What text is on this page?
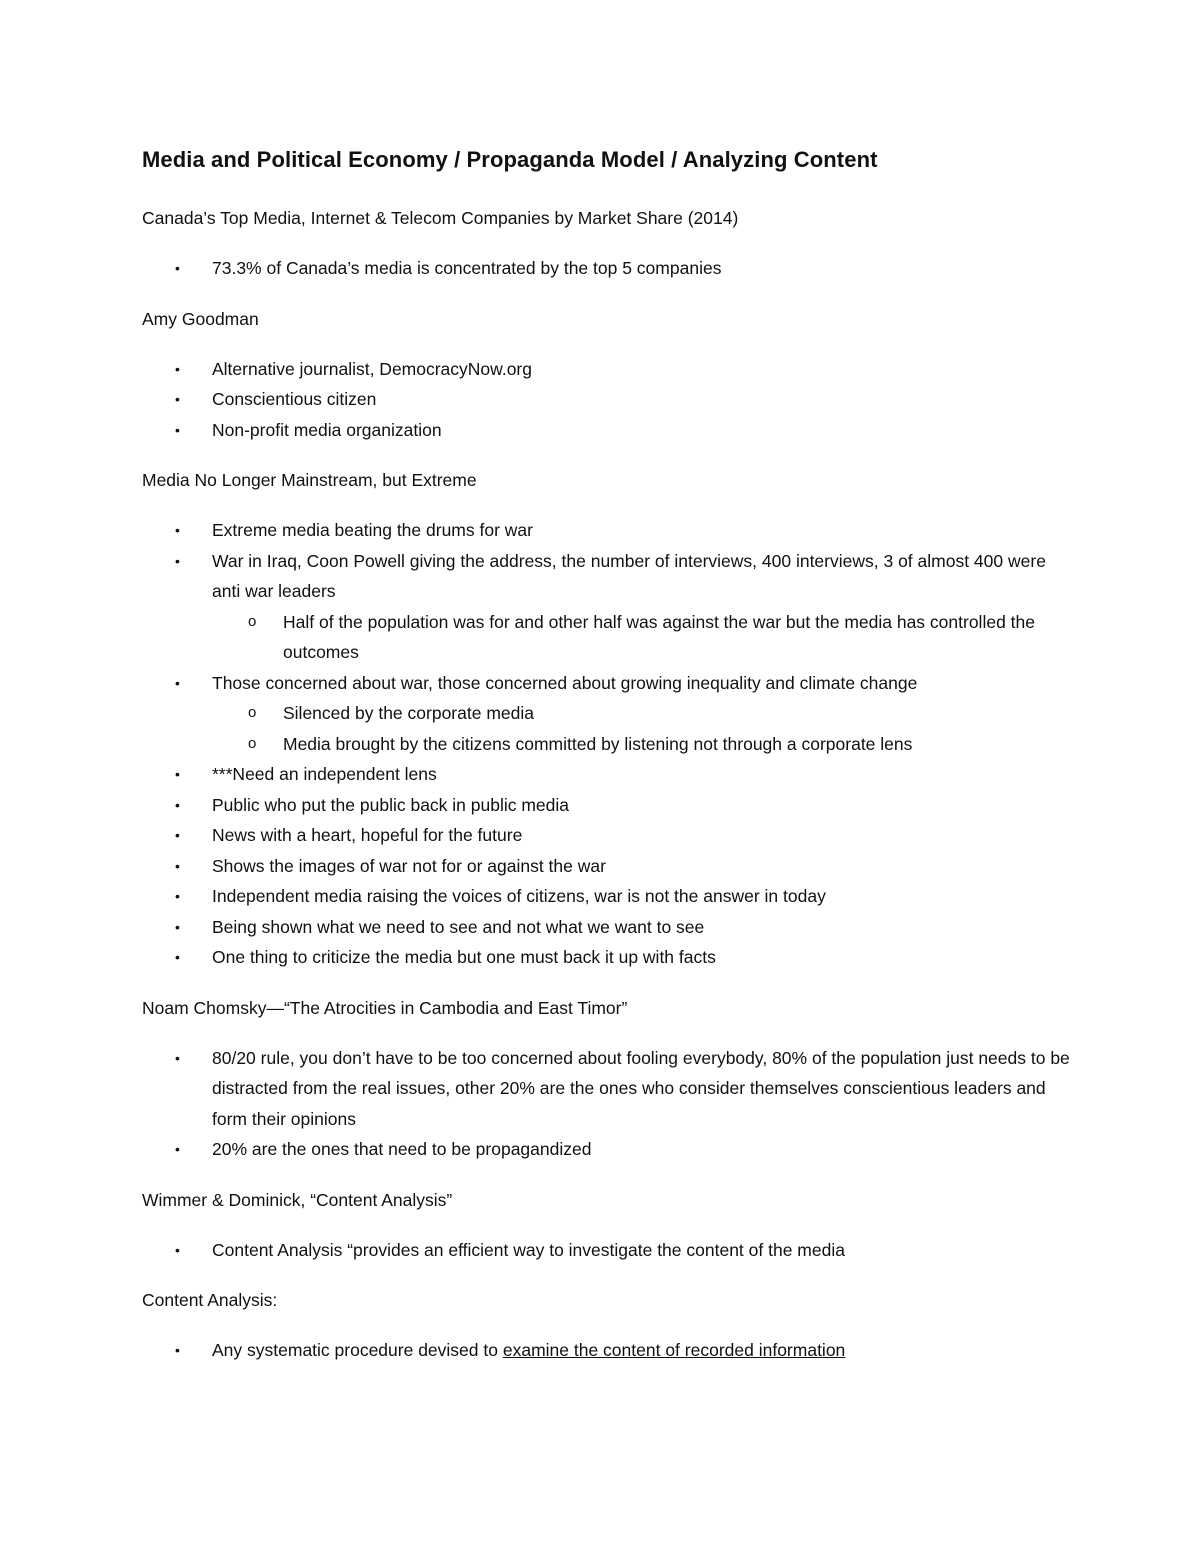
Media and Political Economy / Propaganda Model / Analyzing Content
Canada’s Top Media, Internet & Telecom Companies by Market Share (2014)
• 73.3% of Canada’s media is concentrated by the top 5 companies
Amy Goodman
• Alternative journalist, DemocracyNow.org
• Conscientious citizen
• Non-profit media organization
Media No Longer Mainstream, but Extreme
• Extreme media beating the drums for war
• War in Iraq, Coon Powell giving the address, the number of interviews, 400 interviews, 3 of almost 400 were anti war leaders
o Half of the population was for and other half was against the war but the media has controlled the outcomes
• Those concerned about war, those concerned about growing inequality and climate change
o Silenced by the corporate media
o Media brought by the citizens committed by listening not through a corporate lens
• ***Need an independent lens
• Public who put the public back in public media
• News with a heart, hopeful for the future
• Shows the images of war not for or against the war
• Independent media raising the voices of citizens, war is not the answer in today
• Being shown what we need to see and not what we want to see
• One thing to criticize the media but one must back it up with facts
Noam Chomsky—“The Atrocities in Cambodia and East Timor”
• 80/20 rule, you don’t have to be too concerned about fooling everybody, 80% of the population just needs to be distracted from the real issues, other 20% are the ones who consider themselves conscientious leaders and form their opinions
• 20% are the ones that need to be propagandized
Wimmer & Dominick, “Content Analysis”
• Content Analysis “provides an efficient way to investigate the content of the media
Content Analysis:
• Any systematic procedure devised to examine the content of recorded information
